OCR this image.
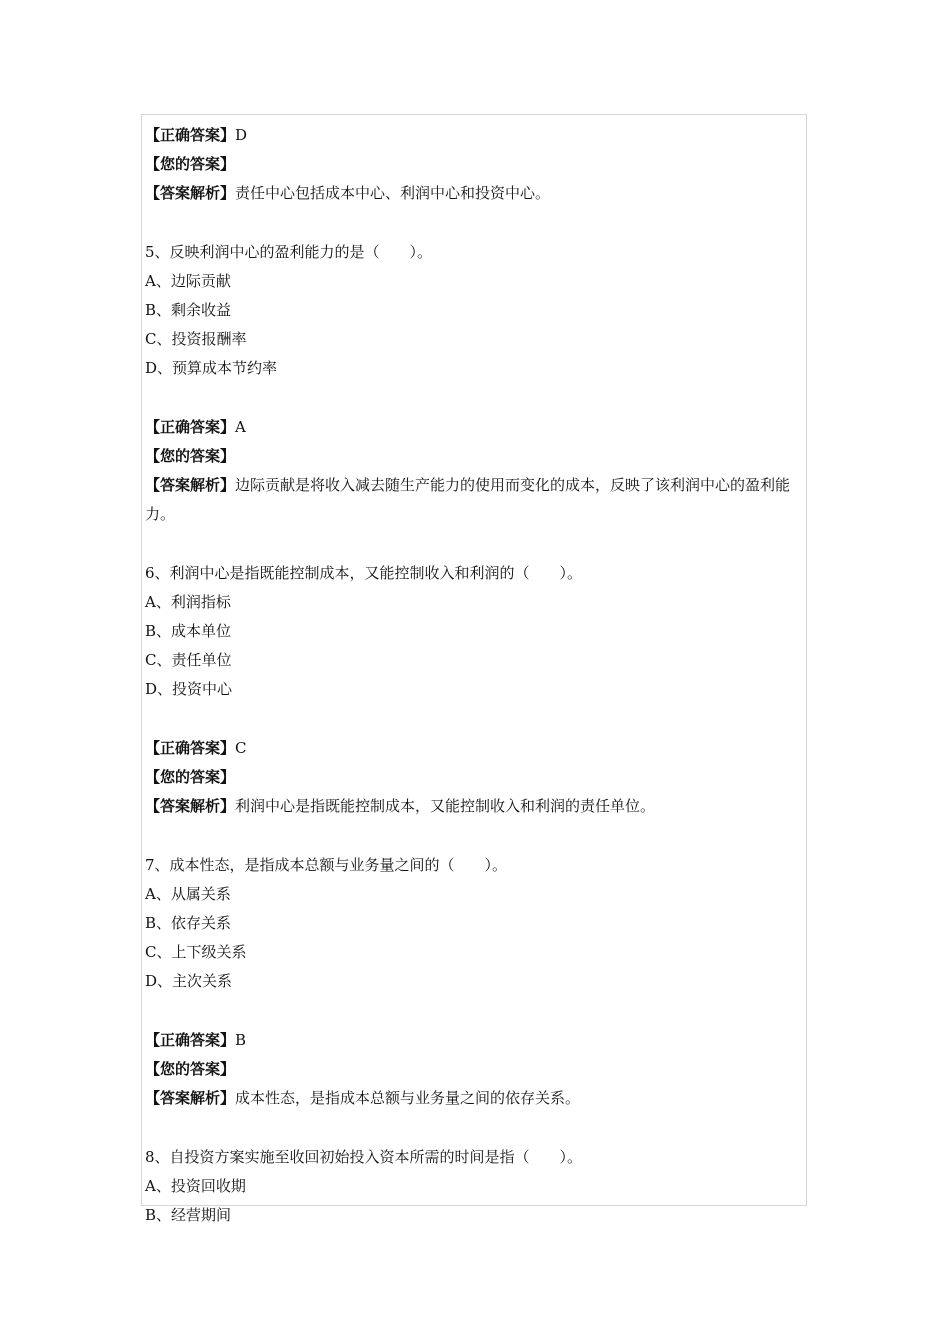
【正确答案】D
【您的答案】
【答案解析】责任中心包括成本中心、利润中心和投资中心。
5、反映利润中心的盈利能力的是（　　）。
A、边际贡献
B、剩余收益
C、投资报酬率
D、预算成本节约率
【正确答案】A
【您的答案】
【答案解析】边际贡献是将收入减去随生产能力的使用而变化的成本，反映了该利润中心的盈利能力。
6、利润中心是指既能控制成本，又能控制收入和利润的（　　）。
A、利润指标
B、成本单位
C、责任单位
D、投资中心
【正确答案】C
【您的答案】
【答案解析】利润中心是指既能控制成本，又能控制收入和利润的责任单位。
7、成本性态，是指成本总额与业务量之间的（　　）。
A、从属关系
B、依存关系
C、上下级关系
D、主次关系
【正确答案】B
【您的答案】
【答案解析】成本性态，是指成本总额与业务量之间的依存关系。
8、自投资方案实施至收回初始投入资本所需的时间是指（　　）。
A、投资回收期
B、经营期间
